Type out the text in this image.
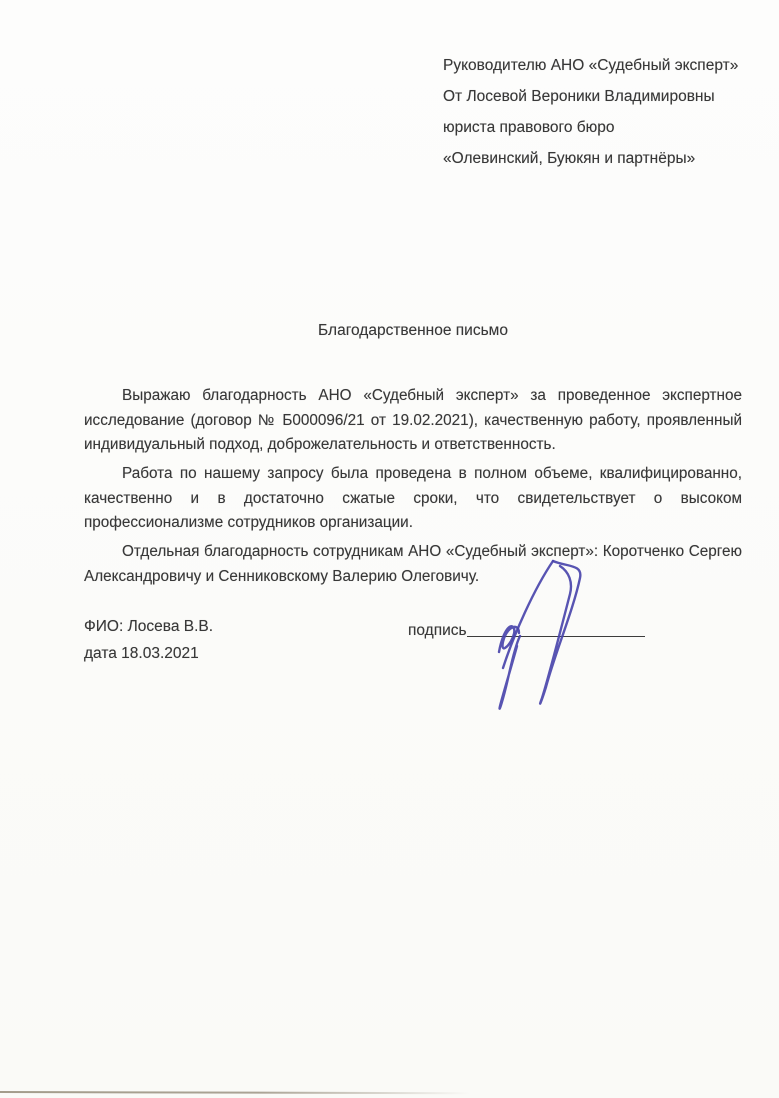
Руководителю АНО «Судебный эксперт»
От Лосевой Вероники Владимировны
юриста правового бюро
«Олевинский, Буюкян и партнёры»
Благодарственное письмо

Выражаю благодарность АНО «Судебный эксперт» за проведенное экспертное исследование (договор № Б000096/21 от 19.02.2021), качественную работу, проявленный индивидуальный подход, доброжелательность и ответственность.

Работа по нашему запросу была проведена в полном объеме, квалифицированно, качественно и в достаточно сжатые сроки, что свидетельствует о высоком профессионализме сотрудников организации.

Отдельная благодарность сотрудникам АНО «Судебный эксперт»: Коротченко Сергею Александровичу и Сенниковскому Валерию Олеговичу.

ФИО: Лосева В.В.
дата 18.03.2021
подпись
